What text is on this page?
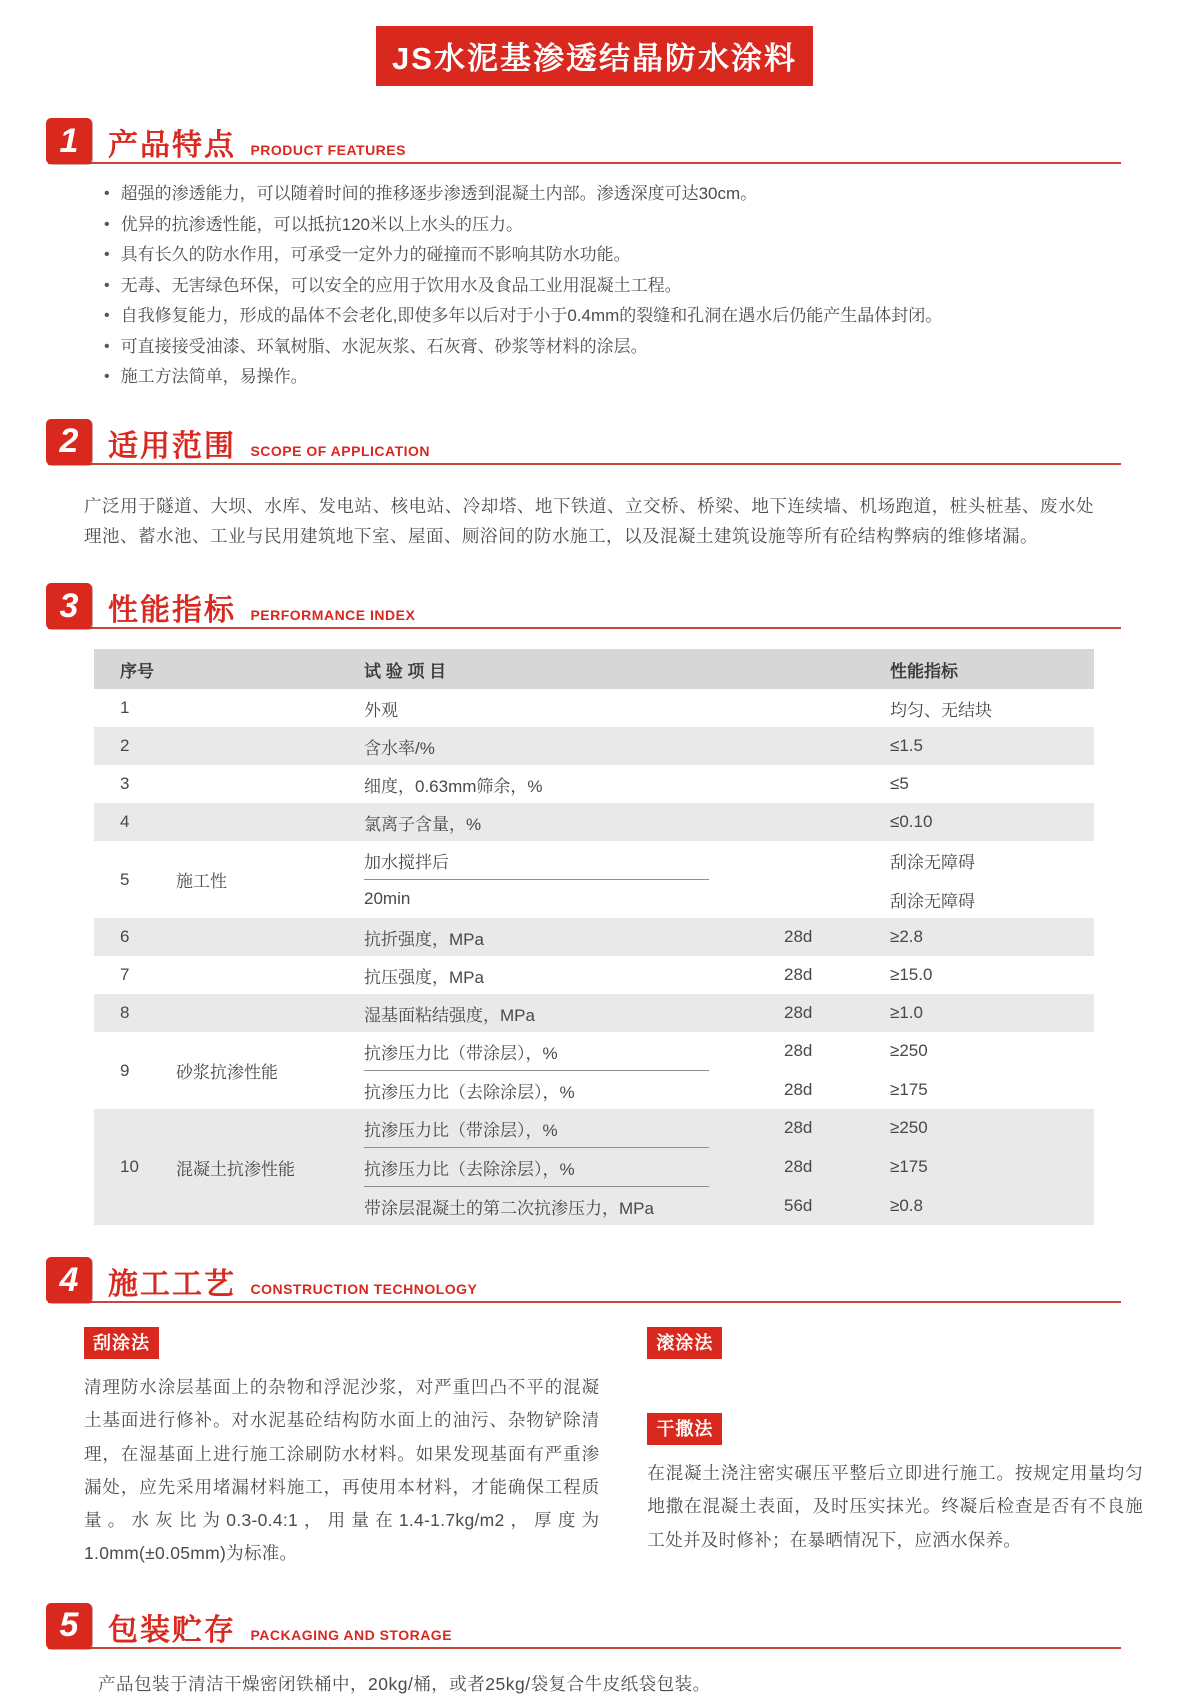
JS水泥基渗透结晶防水涂料
1 产品特点 PRODUCT FEATURES
• 超强的渗透能力，可以随着时间的推移逐步渗透到混凝土内部。渗透深度可达30cm。
• 优异的抗渗透性能，可以抵抗120米以上水头的压力。
• 具有长久的防水作用，可承受一定外力的碰撞而不影响其防水功能。
• 无毒、无害绿色环保，可以安全的应用于饮用水及食品工业用混凝土工程。
• 自我修复能力，形成的晶体不会老化,即使多年以后对于小于0.4mm的裂缝和孔洞在遇水后仍能产生晶体封闭。
• 可直接接受油漆、环氧树脂、水泥灰浆、石灰膏、砂浆等材料的涂层。
• 施工方法简单，易操作。
2 适用范围 SCOPE OF APPLICATION

广泛用于隧道、大坝、水库、发电站、核电站、冷却塔、地下铁道、立交桥、桥梁、地下连续墙、机场跑道，桩头桩基、废水处理池、蓄水池、工业与民用建筑地下室、屋面、厕浴间的防水施工，以及混凝土建筑设施等所有砼结构弊病的维修堵漏。

3 性能指标 PERFORMANCE INDEX
序号	试 验 项 目	性能指标
1	外观	均匀、无结块
2	含水率/%	≤1.5
3	细度，0.63mm筛余，%	≤5
4	氯离子含量，%	≤0.10
5	施工性
加水搅拌后	刮涂无障碍
20min	刮涂无障碍
6	抗折强度，MPa	28d	≥2.8
7	抗压强度，MPa	28d	≥15.0
8	湿基面粘结强度，MPa	28d	≥1.0
9	砂浆抗渗性能
抗渗压力比（带涂层），%	28d	≥250
抗渗压力比（去除涂层），%	28d	≥175
10	混凝土抗渗性能
抗渗压力比（带涂层），%	28d	≥250
抗渗压力比（去除涂层），%	28d	≥175
带涂层混凝土的第二次抗渗压力，MPa	56d	≥0.8
4 施工工艺 CONSTRUCTION TECHNOLOGY
刮涂法

清理防水涂层基面上的杂物和浮泥沙浆，对严重凹凸不平的混凝土基面进行修补。对水泥基砼结构防水面上的油污、杂物铲除清理，在湿基面上进行施工涂刷防水材料。如果发现基面有严重渗漏处，应先采用堵漏材料施工，再使用本材料，才能确保工程质量。水灰比为0.3-0.4:1，用量在1.4-1.7kg/m2，厚度为1.0mm(±0.05mm)为标准。

滚涂法
干撒法

在混凝土浇注密实碾压平整后立即进行施工。按规定用量均匀地撒在混凝土表面，及时压实抹光。终凝后检查是否有不良施工处并及时修补；在暴晒情况下，应洒水保养。

5 包装贮存 PACKAGING AND STORAGE

产品包装于清洁干燥密闭铁桶中，20kg/桶，或者25kg/袋复合牛皮纸袋包装。
